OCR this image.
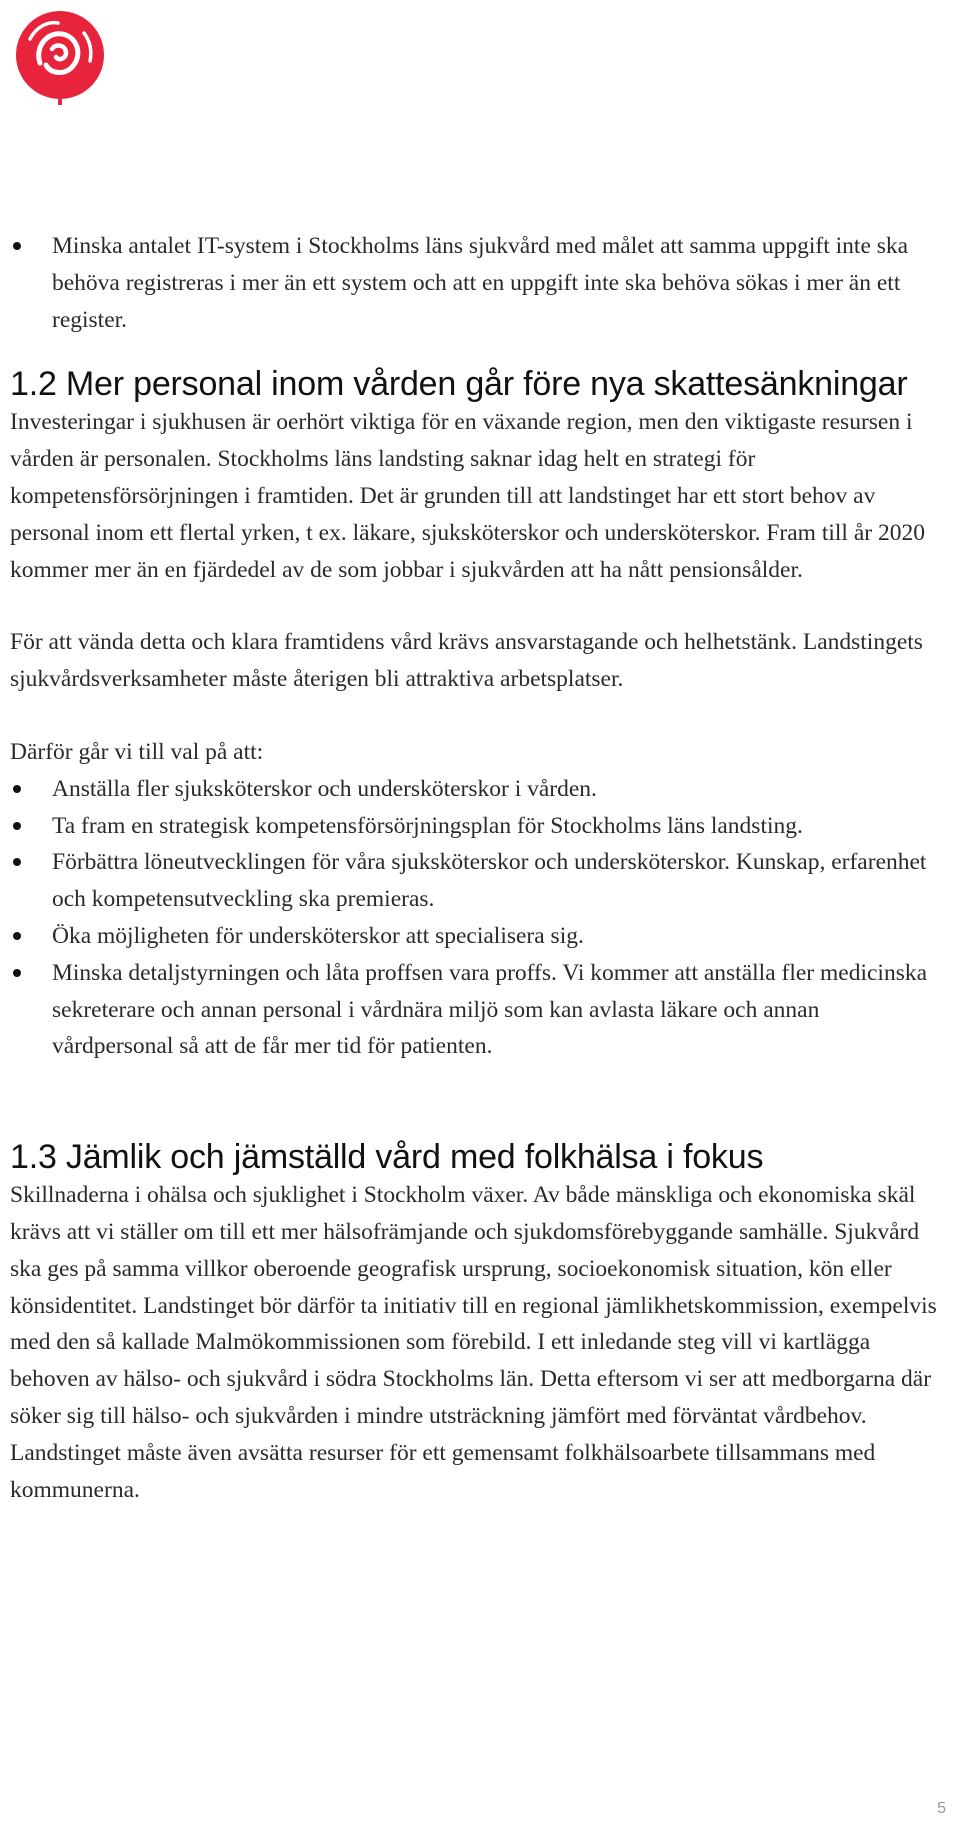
Minska antalet IT-system i Stockholms läns sjukvård med målet att samma uppgift inte ska behöva registreras i mer än ett system och att en uppgift inte ska behöva sökas i mer än ett register.
1.2 Mer personal inom vården går före nya skattesänkningar

Investeringar i sjukhusen är oerhört viktiga för en växande region, men den viktigaste resursen i vården är personalen. Stockholms läns landsting saknar idag helt en strategi för kompetensförsörjningen i framtiden. Det är grunden till att landstinget har ett stort behov av personal inom ett flertal yrken, t ex. läkare, sjuksköterskor och undersköterskor. Fram till år 2020 kommer mer än en fjärdedel av de som jobbar i sjukvården att ha nått pensionsålder.

För att vända detta och klara framtidens vård krävs ansvarstagande och helhetstänk. Landstingets sjukvårdsverksamheter måste återigen bli attraktiva arbetsplatser.

Därför går vi till val på att:

Anställa fler sjuksköterskor och undersköterskor i vården.
Ta fram en strategisk kompetensförsörjningsplan för Stockholms läns landsting.
Förbättra löneutvecklingen för våra sjuksköterskor och undersköterskor. Kunskap, erfarenhet och kompetensutveckling ska premieras.
Öka möjligheten för undersköterskor att specialisera sig.
Minska detaljstyrningen och låta proffsen vara proffs. Vi kommer att anställa fler medicinska sekreterare och annan personal i vårdnära miljö som kan avlasta läkare och annan vårdpersonal så att de får mer tid för patienten.
1.3 Jämlik och jämställd vård med folkhälsa i fokus

Skillnaderna i ohälsa och sjuklighet i Stockholm växer. Av både mänskliga och ekonomiska skäl krävs att vi ställer om till ett mer hälsofrämjande och sjukdomsförebyggande samhälle. Sjukvård ska ges på samma villkor oberoende geografisk ursprung, socioekonomisk situation, kön eller könsidentitet. Landstinget bör därför ta initiativ till en regional jämlikhetskommission, exempelvis med den så kallade Malmökommissionen som förebild. I ett inledande steg vill vi kartlägga behoven av hälso- och sjukvård i södra Stockholms län. Detta eftersom vi ser att medborgarna där söker sig till hälso- och sjukvården i mindre utsträckning jämfört med förväntat vårdbehov. Landstinget måste även avsätta resurser för ett gemensamt folkhälsoarbete tillsammans med kommunerna.

5
